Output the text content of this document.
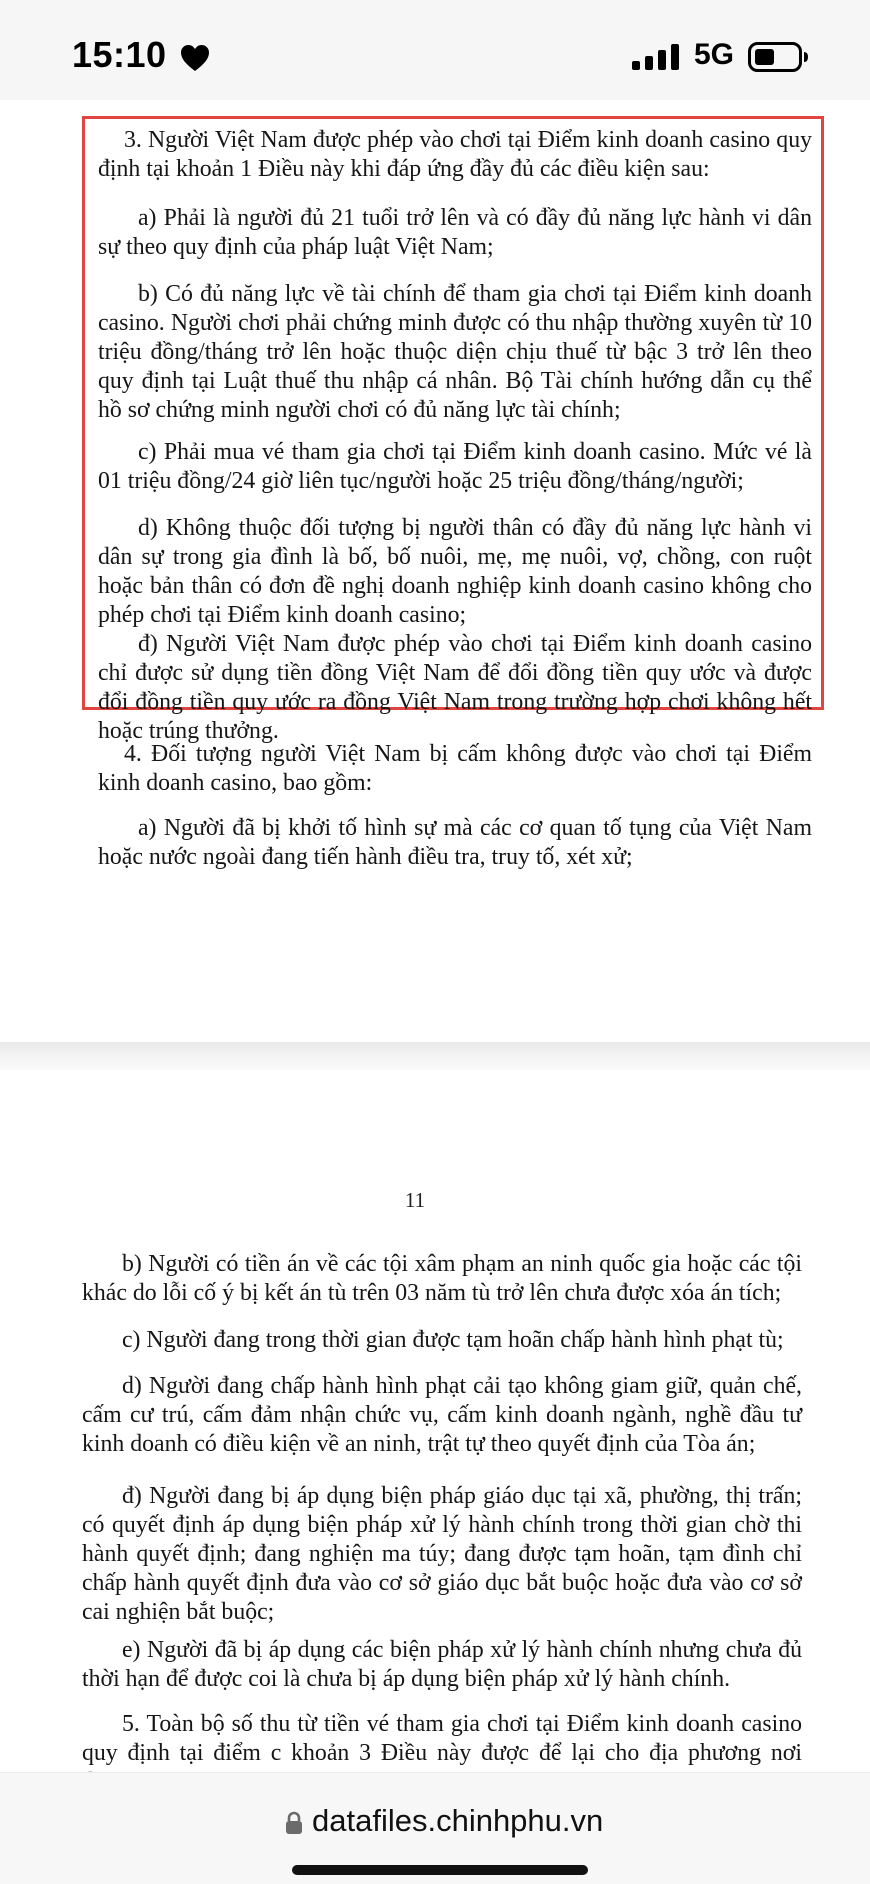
15:10	5G

3. Người Việt Nam được phép vào chơi tại Điểm kinh doanh casino quy định tại khoản 1 Điều này khi đáp ứng đầy đủ các điều kiện sau:

a) Phải là người đủ 21 tuổi trở lên và có đầy đủ năng lực hành vi dân sự theo quy định của pháp luật Việt Nam;

b) Có đủ năng lực về tài chính để tham gia chơi tại Điểm kinh doanh casino. Người chơi phải chứng minh được có thu nhập thường xuyên từ 10 triệu đồng/tháng trở lên hoặc thuộc diện chịu thuế từ bậc 3 trở lên theo quy định tại Luật thuế thu nhập cá nhân. Bộ Tài chính hướng dẫn cụ thể hồ sơ chứng minh người chơi có đủ năng lực tài chính;

c) Phải mua vé tham gia chơi tại Điểm kinh doanh casino. Mức vé là 01 triệu đồng/24 giờ liên tục/người hoặc 25 triệu đồng/tháng/người;

d) Không thuộc đối tượng bị người thân có đầy đủ năng lực hành vi dân sự trong gia đình là bố, bố nuôi, mẹ, mẹ nuôi, vợ, chồng, con ruột hoặc bản thân có đơn đề nghị doanh nghiệp kinh doanh casino không cho phép chơi tại Điểm kinh doanh casino;

đ) Người Việt Nam được phép vào chơi tại Điểm kinh doanh casino chỉ được sử dụng tiền đồng Việt Nam để đổi đồng tiền quy ước và được đổi đồng tiền quy ước ra đồng Việt Nam trong trường hợp chơi không hết hoặc trúng thưởng.

4. Đối tượng người Việt Nam bị cấm không được vào chơi tại Điểm kinh doanh casino, bao gồm:

a) Người đã bị khởi tố hình sự mà các cơ quan tố tụng của Việt Nam hoặc nước ngoài đang tiến hành điều tra, truy tố, xét xử;

11

b) Người có tiền án về các tội xâm phạm an ninh quốc gia hoặc các tội khác do lỗi cố ý bị kết án tù trên 03 năm tù trở lên chưa được xóa án tích;

c) Người đang trong thời gian được tạm hoãn chấp hành hình phạt tù;

d) Người đang chấp hành hình phạt cải tạo không giam giữ, quản chế, cấm cư trú, cấm đảm nhận chức vụ, cấm kinh doanh ngành, nghề đầu tư kinh doanh có điều kiện về an ninh, trật tự theo quyết định của Tòa án;

đ) Người đang bị áp dụng biện pháp giáo dục tại xã, phường, thị trấn; có quyết định áp dụng biện pháp xử lý hành chính trong thời gian chờ thi hành quyết định; đang nghiện ma túy; đang được tạm hoãn, tạm đình chỉ chấp hành quyết định đưa vào cơ sở giáo dục bắt buộc hoặc đưa vào cơ sở cai nghiện bắt buộc;

e) Người đã bị áp dụng các biện pháp xử lý hành chính nhưng chưa đủ thời hạn để được coi là chưa bị áp dụng biện pháp xử lý hành chính.

5. Toàn bộ số thu từ tiền vé tham gia chơi tại Điểm kinh doanh casino quy định tại điểm c khoản 3 Điều này được để lại cho địa phương nơi

datafiles.chinhphu.vn
